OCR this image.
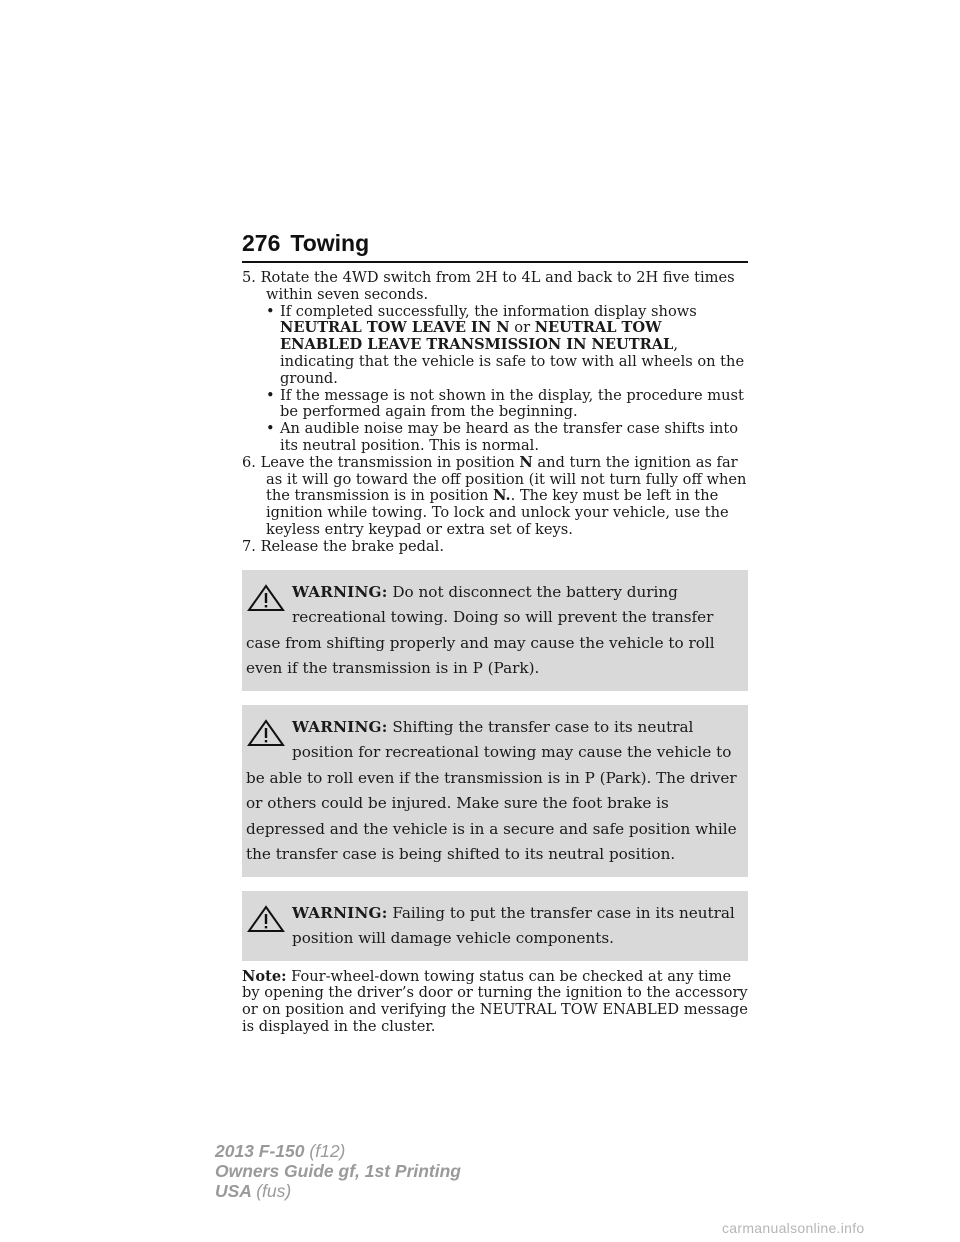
276 Towing

5. Rotate the 4WD switch from 2H to 4L and back to 2H five times within seven seconds.

• If completed successfully, the information display shows NEUTRAL TOW LEAVE IN N or NEUTRAL TOW ENABLED LEAVE TRANSMISSION IN NEUTRAL, indicating that the vehicle is safe to tow with all wheels on the ground.
• If the message is not shown in the display, the procedure must be performed again from the beginning.
• An audible noise may be heard as the transfer case shifts into its neutral position. This is normal.

6. Leave the transmission in position N and turn the ignition as far as it will go toward the off position (it will not turn fully off when the transmission is in position N.. The key must be left in the ignition while towing. To lock and unlock your vehicle, use the keyless entry keypad or extra set of keys.

7. Release the brake pedal.

WARNING: Do not disconnect the battery during recreational towing. Doing so will prevent the transfer case from shifting properly and may cause the vehicle to roll even if the transmission is in P (Park).
WARNING: Shifting the transfer case to its neutral position for recreational towing may cause the vehicle to be able to roll even if the transmission is in P (Park). The driver or others could be injured. Make sure the foot brake is depressed and the vehicle is in a secure and safe position while the transfer case is being shifted to its neutral position.
WARNING: Failing to put the transfer case in its neutral position will damage vehicle components.
Note: Four-wheel-down towing status can be checked at any time by opening the driver’s door or turning the ignition to the accessory or on position and verifying the NEUTRAL TOW ENABLED message is displayed in the cluster.
2013 F-150 (f12)
Owners Guide gf, 1st Printing
USA (fus)
carmanualsonline.info
